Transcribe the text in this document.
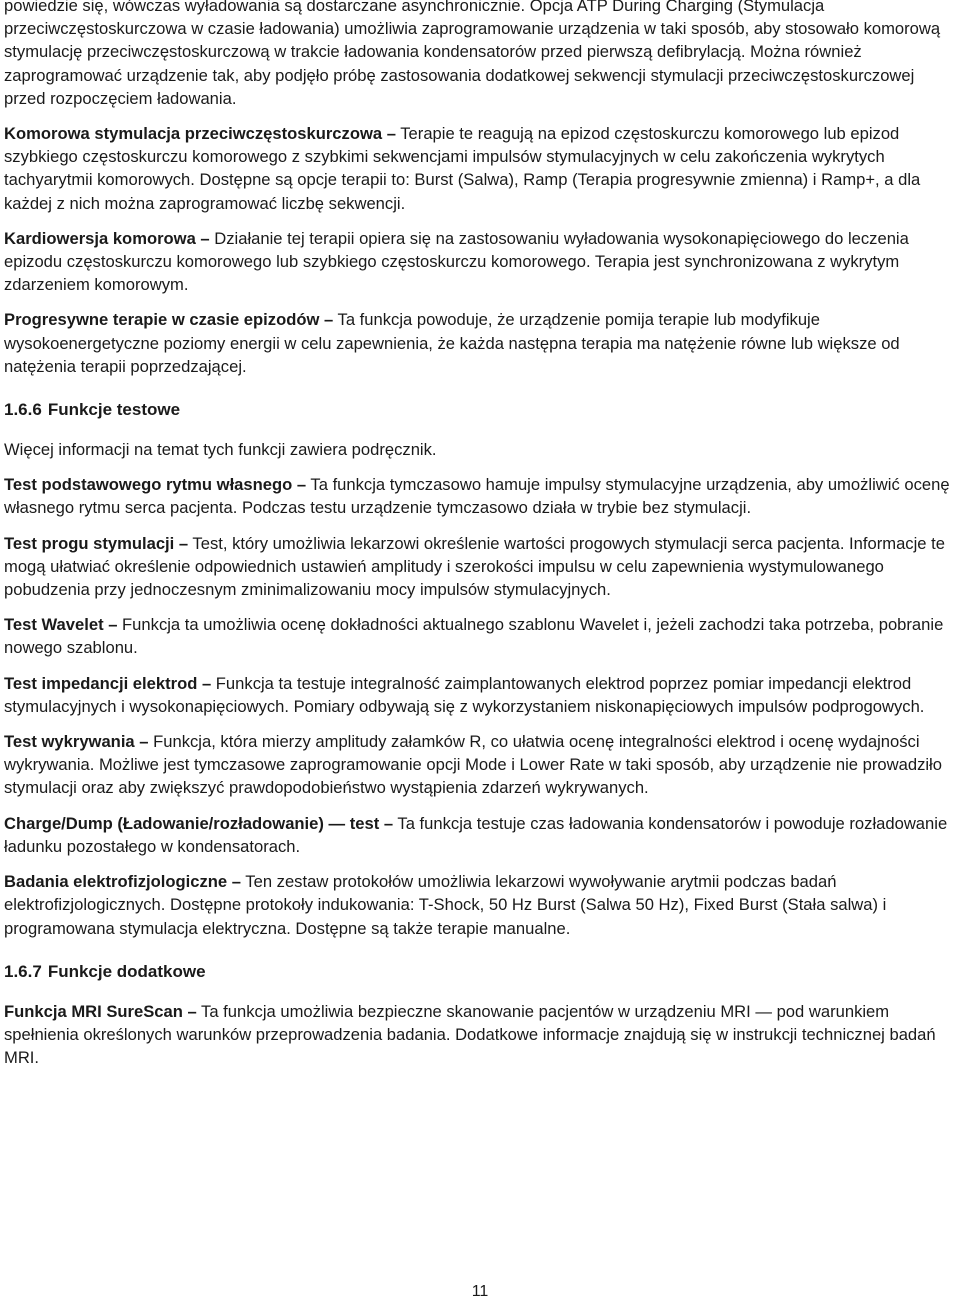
powiedzie się, wówczas wyładowania są dostarczane asynchronicznie. Opcja ATP During Charging (Stymulacja przeciwczęstoskurczowa w czasie ładowania) umożliwia zaprogramowanie urządzenia w taki sposób, aby stosowało komorową stymulację przeciwczęstoskurczową w trakcie ładowania kondensatorów przed pierwszą defibrylacją. Można również zaprogramować urządzenie tak, aby podjęło próbę zastosowania dodatkowej sekwencji stymulacji przeciwczęstoskurczowej przed rozpoczęciem ładowania.

Komorowa stymulacja przeciwczęstoskurczowa – Terapie te reagują na epizod częstoskurczu komorowego lub epizod szybkiego częstoskurczu komorowego z szybkimi sekwencjami impulsów stymulacyjnych w celu zakończenia wykrytych tachyarytmii komorowych. Dostępne są opcje terapii to: Burst (Salwa), Ramp (Terapia progresywnie zmienna) i Ramp+, a dla każdej z nich można zaprogramować liczbę sekwencji.

Kardiowersja komorowa – Działanie tej terapii opiera się na zastosowaniu wyładowania wysokonapięciowego do leczenia epizodu częstoskurczu komorowego lub szybkiego częstoskurczu komorowego. Terapia jest synchronizowana z wykrytym zdarzeniem komorowym.

Progresywne terapie w czasie epizodów – Ta funkcja powoduje, że urządzenie pomija terapie lub modyfikuje wysokoenergetyczne poziomy energii w celu zapewnienia, że każda następna terapia ma natężenie równe lub większe od natężenia terapii poprzedzającej.

1.6.6 Funkcje testowe

Więcej informacji na temat tych funkcji zawiera podręcznik.

Test podstawowego rytmu własnego – Ta funkcja tymczasowo hamuje impulsy stymulacyjne urządzenia, aby umożliwić ocenę własnego rytmu serca pacjenta. Podczas testu urządzenie tymczasowo działa w trybie bez stymulacji.

Test progu stymulacji – Test, który umożliwia lekarzowi określenie wartości progowych stymulacji serca pacjenta. Informacje te mogą ułatwiać określenie odpowiednich ustawień amplitudy i szerokości impulsu w celu zapewnienia wystymulowanego pobudzenia przy jednoczesnym zminimalizowaniu mocy impulsów stymulacyjnych.

Test Wavelet – Funkcja ta umożliwia ocenę dokładności aktualnego szablonu Wavelet i, jeżeli zachodzi taka potrzeba, pobranie nowego szablonu.

Test impedancji elektrod – Funkcja ta testuje integralność zaimplantowanych elektrod poprzez pomiar impedancji elektrod stymulacyjnych i wysokonapięciowych. Pomiary odbywają się z wykorzystaniem niskonapięciowych impulsów podprogowych.

Test wykrywania – Funkcja, która mierzy amplitudy załamków R, co ułatwia ocenę integralności elektrod i ocenę wydajności wykrywania. Możliwe jest tymczasowe zaprogramowanie opcji Mode i Lower Rate w taki sposób, aby urządzenie nie prowadziło stymulacji oraz aby zwiększyć prawdopodobieństwo wystąpienia zdarzeń wykrywanych.

Charge/Dump (Ładowanie/rozładowanie) — test – Ta funkcja testuje czas ładowania kondensatorów i powoduje rozładowanie ładunku pozostałego w kondensatorach.

Badania elektrofizjologiczne – Ten zestaw protokołów umożliwia lekarzowi wywoływanie arytmii podczas badań elektrofizjologicznych. Dostępne protokoły indukowania: T-Shock, 50 Hz Burst (Salwa 50 Hz), Fixed Burst (Stała salwa) i programowana stymulacja elektryczna. Dostępne są także terapie manualne.

1.6.7 Funkcje dodatkowe

Funkcja MRI SureScan – Ta funkcja umożliwia bezpieczne skanowanie pacjentów w urządzeniu MRI — pod warunkiem spełnienia określonych warunków przeprowadzenia badania. Dodatkowe informacje znajdują się w instrukcji technicznej badań MRI.

11
